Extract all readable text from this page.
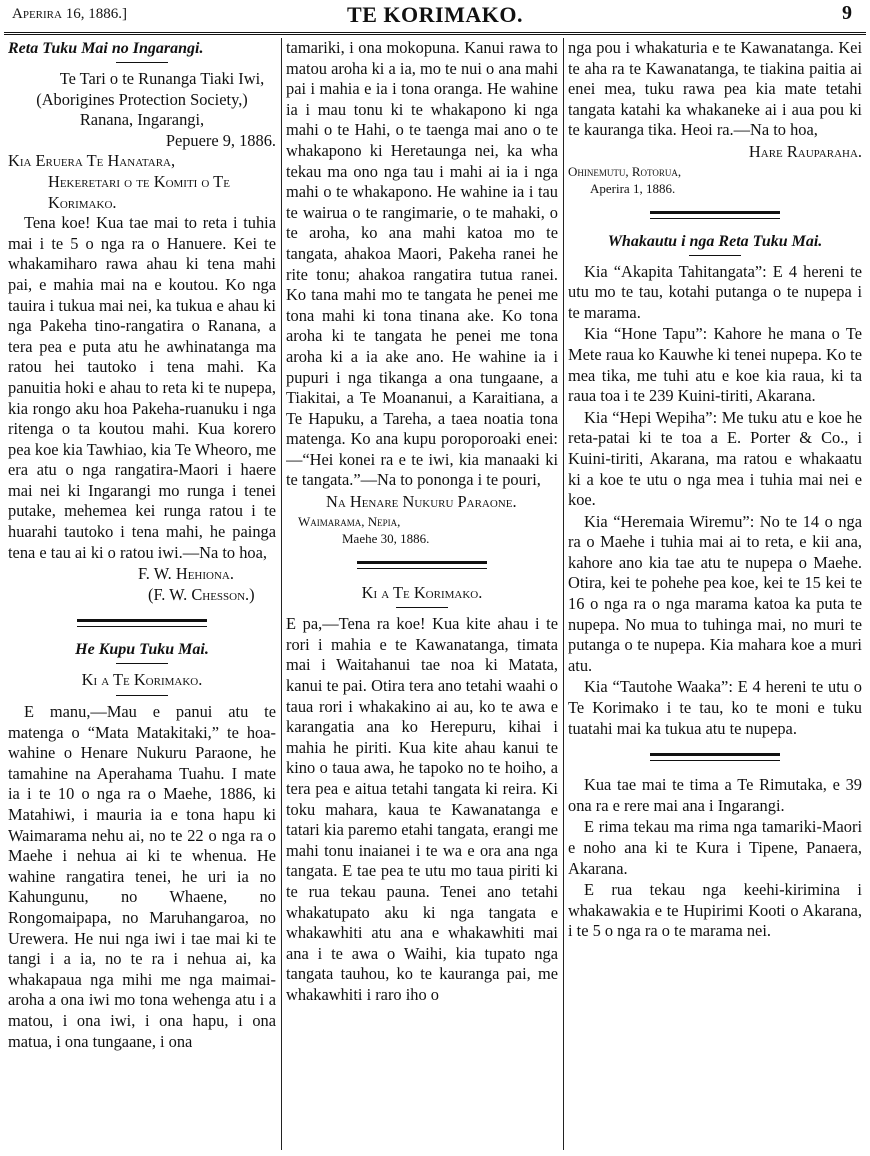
Aperira 16, 1886.]	TE KORIMAKO.	9
Reta Tuku Mai no Ingarangi.
Te Tari o te Runanga Tiaki Iwi,
(Aborigines Protection Society,)
Ranana, Ingarangi,
Pepuere 9, 1886.
Kia Eruera Te Hanatara,
Hekeretari o te Komiti o Te Korimako.

Tena koe! Kua tae mai to reta i tuhia mai i te 5 o nga ra o Hanuere. Kei te whakamiharo rawa ahau ki tena mahi pai, e mahia mai na e koutou. Ko nga tauira i tukua mai nei, ka tukua e ahau ki nga Pakeha tino-rangatira o Ranana, a tera pea e puta atu he awhinatanga ma ratou hei tautoko i tena mahi. Ka panuitia hoki e ahau to reta ki te nupepa, kia rongo aku hoa Pakeha-ruanuku i nga ritenga o ta koutou mahi. Kua korero pea koe kia Tawhiao, kia Te Wheoro, me era atu o nga rangatira-Maori i haere mai nei ki Ingarangi mo runga i tenei putake, mehemea kei runga ratou i te huarahi tautoko i tena mahi, he painga tena e tau ai ki o ratou iwi.—Na to hoa,

F. W. Hehiona.
(F. W. Chesson.)
He Kupu Tuku Mai.
Ki a Te Korimako.

E manu,—Mau e panui atu te matenga o “Mata Matakitaki,” te hoa-wahine o Henare Nukuru Paraone, he tamahine na Aperahama Tuahu. I mate ia i te 10 o nga ra o Maehe, 1886, ki Matahiwi, i mauria ia e tona hapu ki Waimarama nehu ai, no te 22 o nga ra o Maehe i nehua ai ki te whenua. He wahine rangatira tenei, he uri ia no Kahungunu, no Whaene, no Rongomaipapa, no Maruhangaroa, no Urewera. He nui nga iwi i tae mai ki te tangi i a ia, no te ra i nehua ai, ka whakapaua nga mihi me nga maimai-aroha a ona iwi mo tona wehenga atu i a matou, i ona iwi, i ona hapu, i ona matua, i ona tungaane, i ona

tamariki, i ona mokopuna. Kanui rawa to matou aroha ki a ia, mo te nui o ana mahi pai i mahia e ia i tona oranga. He wahine ia i mau tonu ki te whakapono ki nga mahi o te Hahi, o te taenga mai ano o te whakapono ki Heretaunga nei, ka wha tekau ma ono nga tau i mahi ai ia i nga mahi o te whakapono. He wahine ia i tau te wairua o te rangimarie, o te mahaki, o te aroha, ko ana mahi katoa mo te tangata, ahakoa Maori, Pakeha ranei he rite tonu; ahakoa rangatira tutua ranei. Ko tana mahi mo te tangata he penei me tona mahi ki tona tinana ake. Ko tona aroha ki te tangata he penei me tona aroha ki a ia ake ano. He wahine ia i pupuri i nga tikanga a ona tungaane, a Tiakitai, a Te Moananui, a Karaitiana, a Te Hapuku, a Tareha, a taea noatia tona matenga. Ko ana kupu poroporoaki enei:—“Hei konei ra e te iwi, kia manaaki ki te tangata.”—Na to pononga i te pouri,

Na Henare Nukuru Paraone.
Waimarama, Nepia,
Maehe 30, 1886.
Ki a Te Korimako.

E pa,—Tena ra koe! Kua kite ahau i te rori i mahia e te Kawanatanga, timata mai i Waitahanui tae noa ki Matata, kanui te pai. Otira tera ano tetahi waahi o taua rori i whakakino ai au, ko te awa e karangatia ana ko Herepuru, kihai i mahia he piriti. Kua kite ahau kanui te kino o taua awa, he tapoko no te hoiho, a tera pea e aitua tetahi tangata ki reira. Ki toku mahara, kaua te Kawanatanga e tatari kia paremo etahi tangata, erangi me mahi tonu inaianei i te wa e ora ana nga tangata. E tae pea te utu mo taua piriti ki te rua tekau pauna. Tenei ano tetahi whakatupato aku ki nga tangata e whakawhiti atu ana e whakawhiti mai ana i te awa o Waihi, kia tupato nga tangata tauhou, ko te kauranga pai, me whakawhiti i raro iho o

nga pou i whakaturia e te Kawanatanga. Kei te aha ra te Kawanatanga, te tiakina paitia ai enei mea, tuku rawa pea kia mate tetahi tangata katahi ka whakaneke ai i aua pou ki te kauranga tika. Heoi ra.—Na to hoa,

Hare Rauparaha.
Ohinemutu, Rotorua,
Aperira 1, 1886.
Whakautu i nga Reta Tuku Mai.

Kia “Akapita Tahitangata”: E 4 hereni te utu mo te tau, kotahi putanga o te nupepa i te marama.

Kia “Hone Tapu”: Kahore he mana o Te Mete raua ko Kauwhe ki tenei nupepa. Ko te mea tika, me tuhi atu e koe kia raua, ki ta raua toa i te 239 Kuini-tiriti, Akarana.

Kia “Hepi Wepiha”: Me tuku atu e koe he reta-patai ki te toa a E. Porter & Co., i Kuini-tiriti, Akarana, ma ratou e whakaatu ki a koe te utu o nga mea i tuhia mai nei e koe.

Kia “Heremaia Wiremu”: No te 14 o nga ra o Maehe i tuhia mai ai to reta, e kii ana, kahore ano kia tae atu te nupepa o Maehe. Otira, kei te pohehe pea koe, kei te 15 kei te 16 o nga ra o nga marama katoa ka puta te nupepa. No mua to tuhinga mai, no muri te putanga o te nupepa. Kia mahara koe a muri atu.

Kia “Tautohe Waaka”: E 4 hereni te utu o Te Korimako i te tau, ko te moni e tuku tuatahi mai ka tukua atu te nupepa.

Kua tae mai te tima a Te Rimutaka, e 39 ona ra e rere mai ana i Ingarangi.

E rima tekau ma rima nga tamariki-Maori e noho ana ki te Kura i Tipene, Panaera, Akarana.

E rua tekau nga keehi-kirimina i whakawakia e te Hupirimi Kooti o Akarana, i te 5 o nga ra o te marama nei.
